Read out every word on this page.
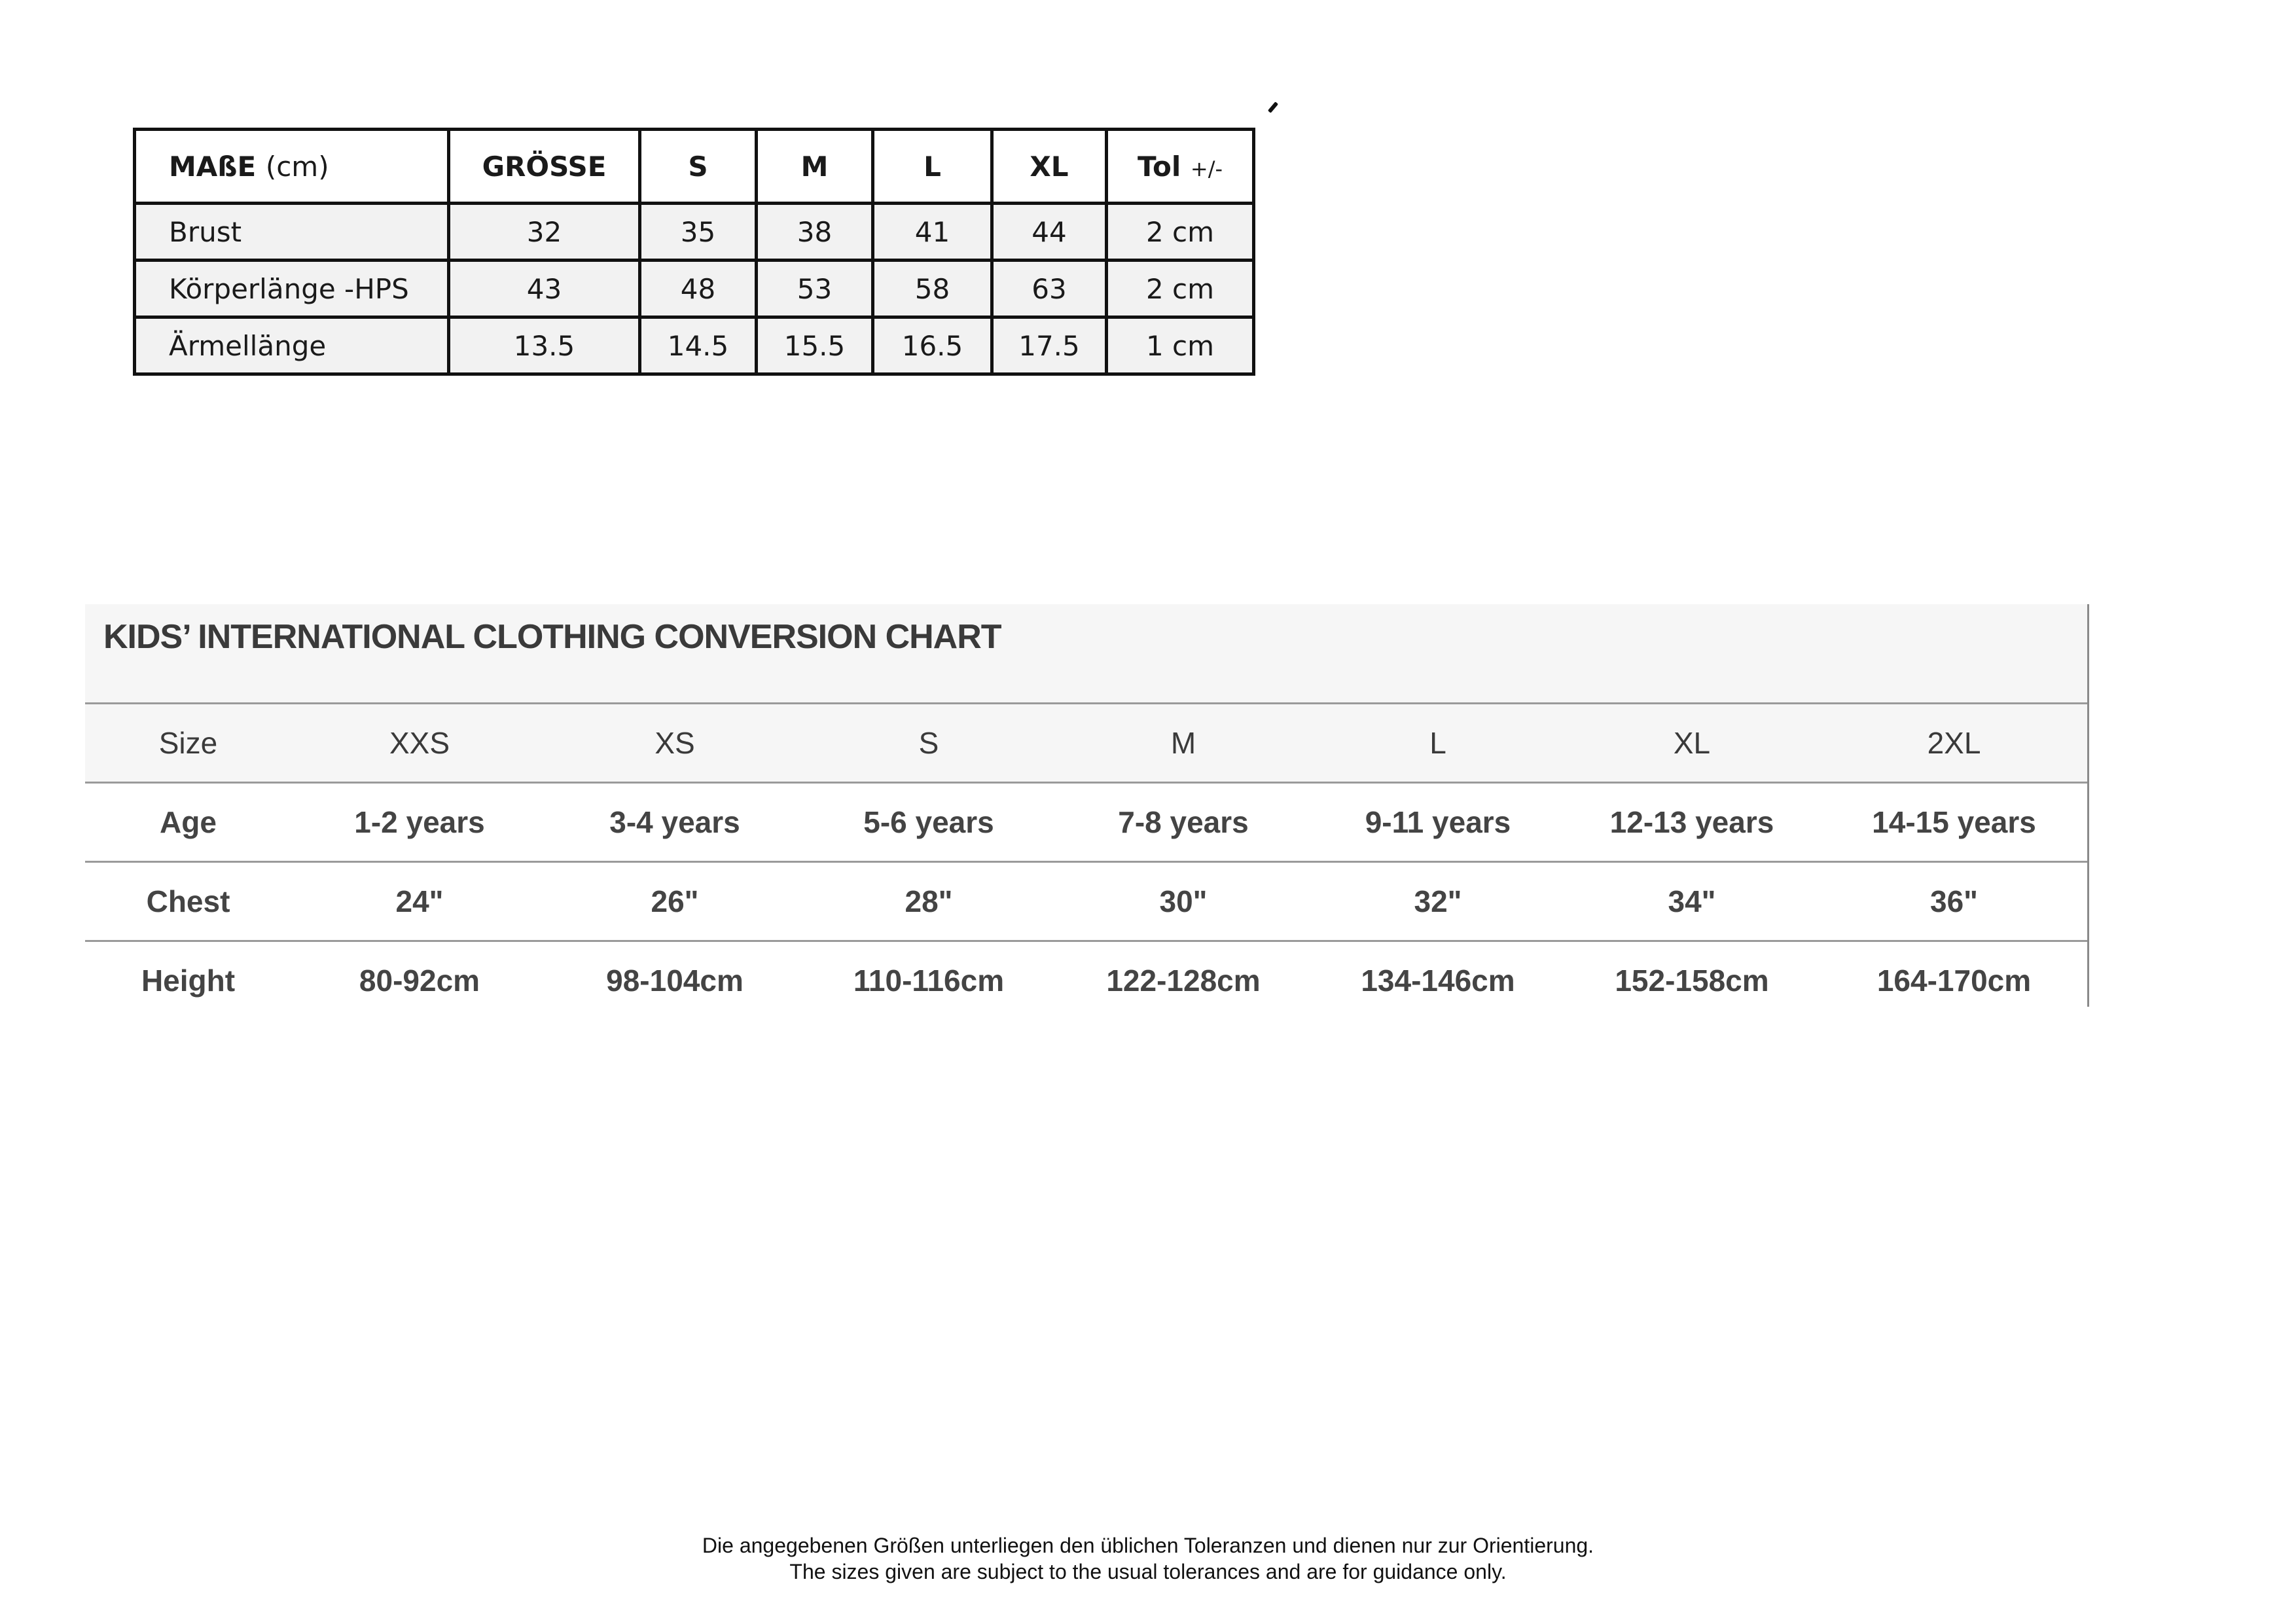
MAßE (cm)	GRÖSSE	S	M	L	XL	Tol +/-
Brust	32	35	38	41	44	2 cm
Körperlänge -HPS	43	48	53	58	63	2 cm
Ärmellänge	13.5	14.5	15.5	16.5	17.5	1 cm
KIDS’ INTERNATIONAL CLOTHING CONVERSION CHART
Size	XXS	XS	S	M	L	XL	2XL
Age	1-2 years	3-4 years	5-6 years	7-8 years	9-11 years	12-13 years	14-15 years
Chest	24"	26"	28"	30"	32"	34"	36"
Height	80-92cm	98-104cm	110-116cm	122-128cm	134-146cm	152-158cm	164-170cm
Die angegebenen Größen unterliegen den üblichen Toleranzen und dienen nur zur Orientierung.
The sizes given are subject to the usual tolerances and are for guidance only.
